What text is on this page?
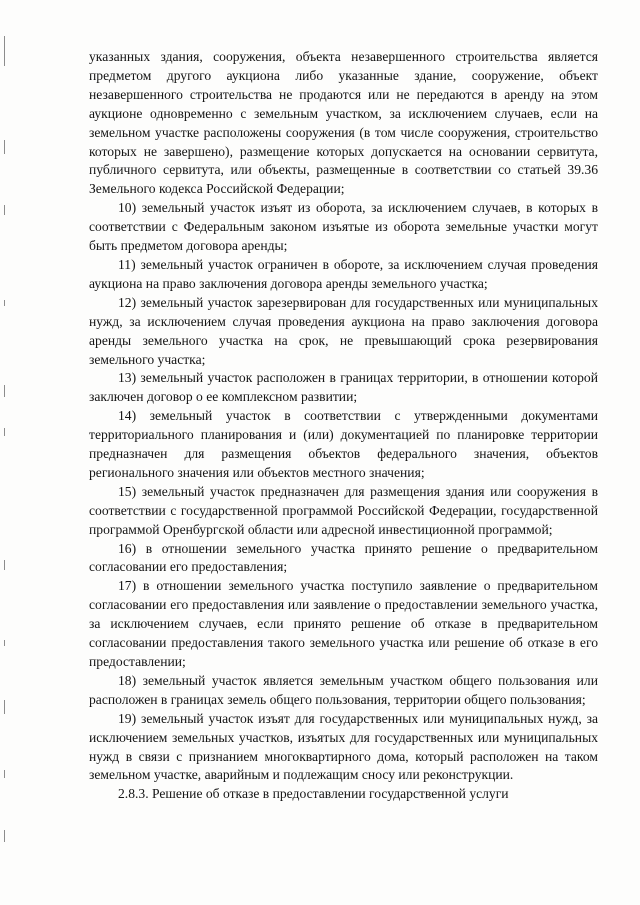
указанных здания, сооружения, объекта незавершенного строительства является предметом другого аукциона либо указанные здание, сооружение, объект незавершенного строительства не продаются или не передаются в аренду на этом аукционе одновременно с земельным участком, за исключением случаев, если на земельном участке расположены сооружения (в том числе сооружения, строительство которых не завершено), размещение которых допускается на основании сервитута, публичного сервитута, или объекты, размещенные в соответствии со статьей 39.36 Земельного кодекса Российской Федерации;

10) земельный участок изъят из оборота, за исключением случаев, в которых в соответствии с Федеральным законом изъятые из оборота земельные участки могут быть предметом договора аренды;

11) земельный участок ограничен в обороте, за исключением случая проведения аукциона на право заключения договора аренды земельного участка;

12) земельный участок зарезервирован для государственных или муниципальных нужд, за исключением случая проведения аукциона на право заключения договора аренды земельного участка на срок, не превышающий срока резервирования земельного участка;

13) земельный участок расположен в границах территории, в отношении которой заключен договор о ее комплексном развитии;

14) земельный участок в соответствии с утвержденными документами территориального планирования и (или) документацией по планировке территории предназначен для размещения объектов федерального значения, объектов регионального значения или объектов местного значения;

15) земельный участок предназначен для размещения здания или сооружения в соответствии с государственной программой Российской Федерации, государственной программой Оренбургской области или адресной инвестиционной программой;

16) в отношении земельного участка принято решение о предварительном согласовании его предоставления;

17) в отношении земельного участка поступило заявление о предварительном согласовании его предоставления или заявление о предоставлении земельного участка, за исключением случаев, если принято решение об отказе в предварительном согласовании предоставления такого земельного участка или решение об отказе в его предоставлении;

18) земельный участок является земельным участком общего пользования или расположен в границах земель общего пользования, территории общего пользования;

19) земельный участок изъят для государственных или муниципальных нужд, за исключением земельных участков, изъятых для государственных или муниципальных нужд в связи с признанием многоквартирного дома, который расположен на таком земельном участке, аварийным и подлежащим сносу или реконструкции.

2.8.3. Решение об отказе в предоставлении государственной услуги
